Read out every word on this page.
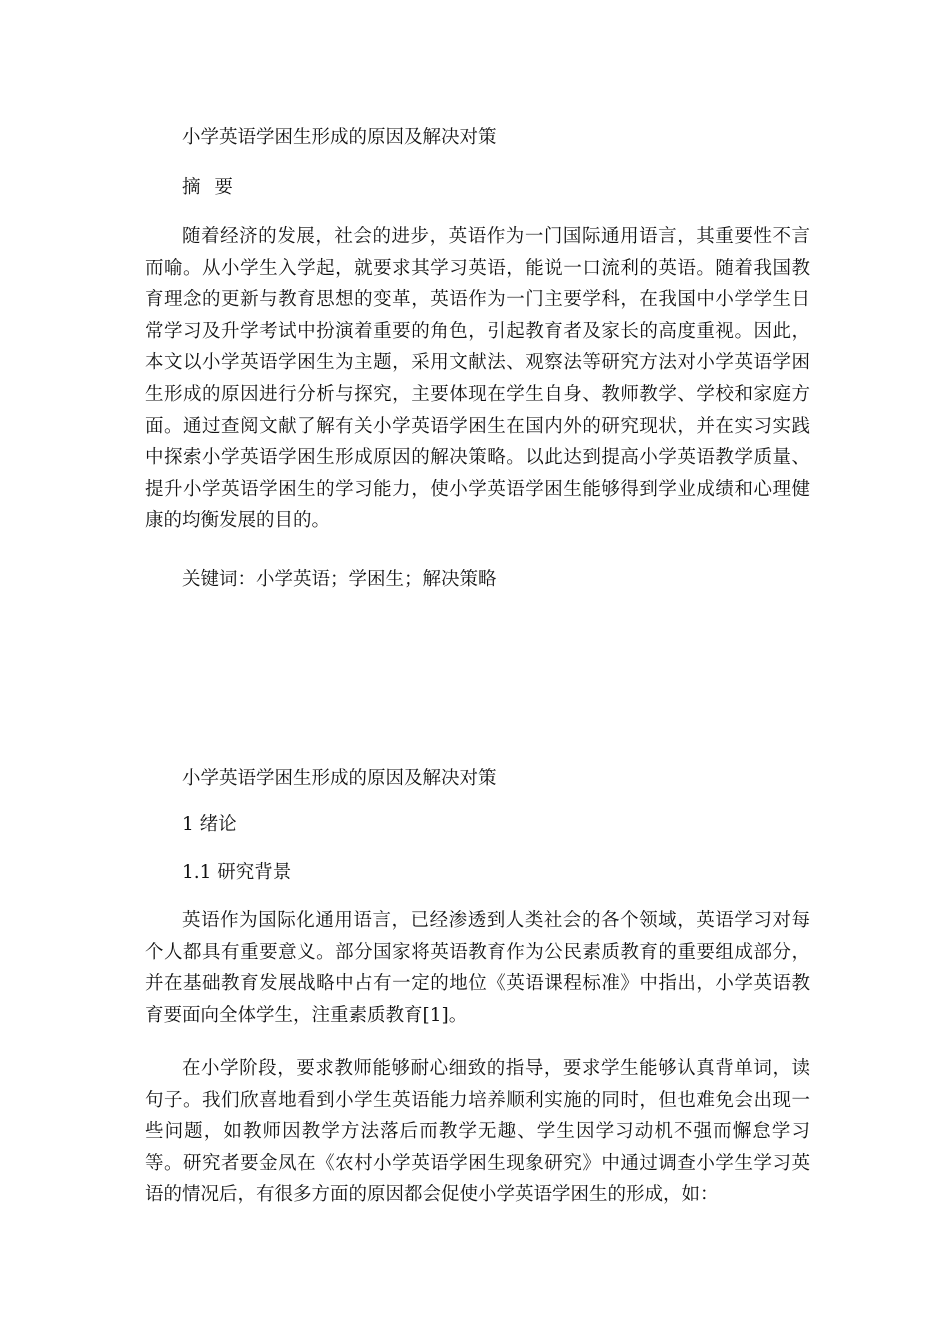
小学英语学困生形成的原因及解决对策
摘 要
随着经济的发展，社会的进步，英语作为一门国际通用语言，其重要性不言而喻。从小学生入学起，就要求其学习英语，能说一口流利的英语。随着我国教育理念的更新与教育思想的变革，英语作为一门主要学科，在我国中小学学生日常学习及升学考试中扮演着重要的角色，引起教育者及家长的高度重视。因此，本文以小学英语学困生为主题，采用文献法、观察法等研究方法对小学英语学困生形成的原因进行分析与探究，主要体现在学生自身、教师教学、学校和家庭方面。通过查阅文献了解有关小学英语学困生在国内外的研究现状，并在实习实践中探索小学英语学困生形成原因的解决策略。以此达到提高小学英语教学质量、提升小学英语学困生的学习能力，使小学英语学困生能够得到学业成绩和心理健康的均衡发展的目的。
关键词：小学英语；学困生；解决策略
小学英语学困生形成的原因及解决对策
1 绪论
1.1 研究背景
英语作为国际化通用语言，已经渗透到人类社会的各个领域，英语学习对每个人都具有重要意义。部分国家将英语教育作为公民素质教育的重要组成部分，并在基础教育发展战略中占有一定的地位《英语课程标准》中指出，小学英语教育要面向全体学生，注重素质教育[1]。
在小学阶段，要求教师能够耐心细致的指导，要求学生能够认真背单词，读句子。我们欣喜地看到小学生英语能力培养顺利实施的同时，但也难免会出现一些问题，如教师因教学方法落后而教学无趣、学生因学习动机不强而懈怠学习等。研究者要金凤在《农村小学英语学困生现象研究》中通过调查小学生学习英语的情况后，有很多方面的原因都会促使小学英语学困生的形成，如：
